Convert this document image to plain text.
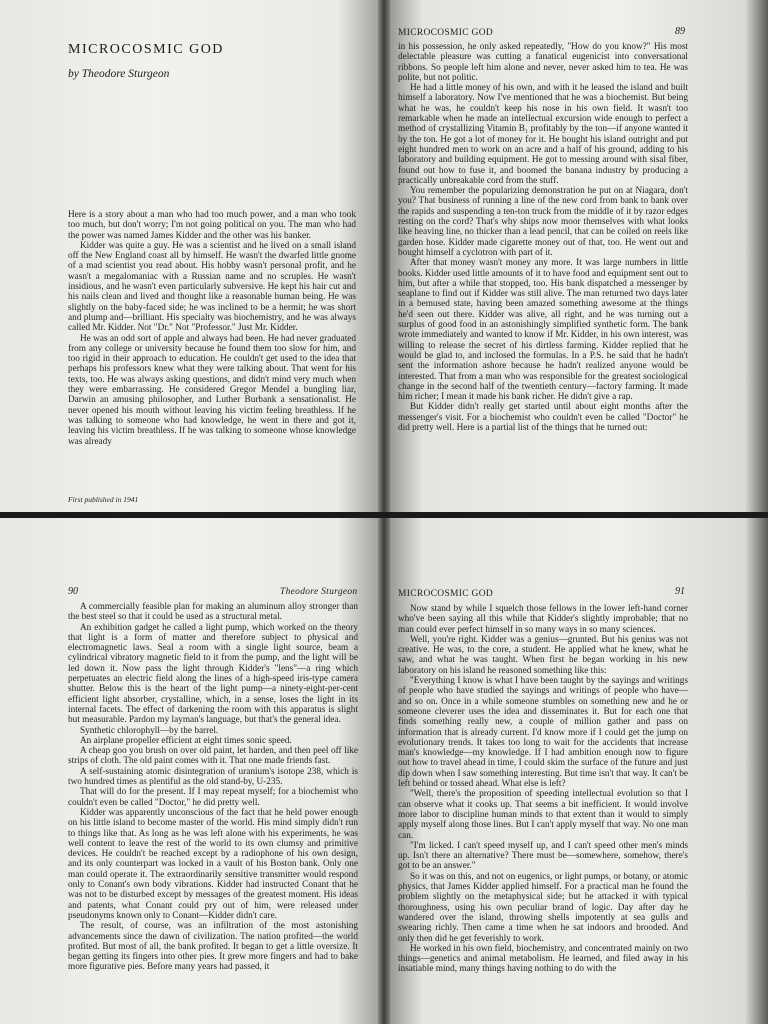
MICROCOSMIC GOD
by Theodore Sturgeon

Here is a story about a man who had too much power, and a man who took too much, but don't worry; I'm not going political on you. The man who had the power was named James Kidder and the other was his banker.

Kidder was quite a guy. He was a scientist and he lived on a small island off the New England coast all by himself. He wasn't the dwarfed little gnome of a mad scientist you read about. His hobby wasn't personal profit, and he wasn't a megalomaniac with a Russian name and no scruples. He wasn't insidious, and he wasn't even particularly subversive. He kept his hair cut and his nails clean and lived and thought like a reasonable human being. He was slightly on the baby-faced side; he was inclined to be a hermit; he was short and plump and—brilliant. His specialty was biochemistry, and he was always called Mr. Kidder. Not "Dr." Not "Professor." Just Mr. Kidder.

He was an odd sort of apple and always had been. He had never graduated from any college or university because he found them too slow for him, and too rigid in their approach to education. He couldn't get used to the idea that perhaps his professors knew what they were talking about. That went for his texts, too. He was always asking questions, and didn't mind very much when they were embarrassing. He considered Gregor Mendel a bungling liar, Darwin an amusing philosopher, and Luther Burbank a sensationalist. He never opened his mouth without leaving his victim feeling breathless. If he was talking to someone who had knowledge, he went in there and got it, leaving his victim breathless. If he was talking to someone whose knowledge was already

First published in 1941
MICROCOSMIC GOD	89

in his possession, he only asked repeatedly, "How do you know?" His most delectable pleasure was cutting a fanatical eugenicist into conversational ribbons. So people left him alone and never, never asked him to tea. He was polite, but not politic.

He had a little money of his own, and with it he leased the island and built himself a laboratory. Now I've mentioned that he was a biochemist. But being what he was, he couldn't keep his nose in his own field. It wasn't too remarkable when he made an intellectual excursion wide enough to perfect a method of crystallizing Vitamin B₁ profitably by the ton—if anyone wanted it by the ton. He got a lot of money for it. He bought his island outright and put eight hundred men to work on an acre and a half of his ground, adding to his laboratory and building equipment. He got to messing around with sisal fiber, found out how to fuse it, and boomed the banana industry by producing a practically unbreakable cord from the stuff.

You remember the popularizing demonstration he put on at Niagara, don't you? That business of running a line of the new cord from bank to bank over the rapids and suspending a ten-ton truck from the middle of it by razor edges resting on the cord? That's why ships now moor themselves with what looks like heaving line, no thicker than a lead pencil, that can be coiled on reels like garden hose. Kidder made cigarette money out of that, too. He went out and bought himself a cyclotron with part of it.

After that money wasn't money any more. It was large numbers in little books. Kidder used little amounts of it to have food and equipment sent out to him, but after a while that stopped, too. His bank dispatched a messenger by seaplane to find out if Kidder was still alive. The man returned two days later in a bemused state, having been amazed something awesome at the things he'd seen out there. Kidder was alive, all right, and he was turning out a surplus of good food in an astonishingly simplified synthetic form. The bank wrote immediately and wanted to know if Mr. Kidder, in his own interest, was willing to release the secret of his dirtless farming. Kidder replied that he would be glad to, and inclosed the formulas. In a P.S. he said that he hadn't sent the information ashore because he hadn't realized anyone would be interested. That from a man who was responsible for the greatest sociological change in the second half of the twentieth century—factory farming. It made him richer; I mean it made his bank richer. He didn't give a rap.

But Kidder didn't really get started until about eight months after the messenger's visit. For a biochemist who couldn't even be called "Doctor" he did pretty well. Here is a partial list of the things that he turned out:

90	Theodore Sturgeon

A commercially feasible plan for making an aluminum alloy stronger than the best steel so that it could be used as a structural metal.

An exhibition gadget he called a light pump, which worked on the theory that light is a form of matter and therefore subject to physical and electromagnetic laws. Seal a room with a single light source, beam a cylindrical vibratory magnetic field to it from the pump, and the light will be led down it. Now pass the light through Kidder's "lens"—a ring which perpetuates an electric field along the lines of a high-speed iris-type camera shutter. Below this is the heart of the light pump—a ninety-eight-per-cent efficient light absorber, crystalline, which, in a sense, loses the light in its internal facets. The effect of darkening the room with this apparatus is slight but measurable. Pardon my layman's language, but that's the general idea.

Synthetic chlorophyll—by the barrel.

An airplane propeller efficient at eight times sonic speed.

A cheap goo you brush on over old paint, let harden, and then peel off like strips of cloth. The old paint comes with it. That one made friends fast.

A self-sustaining atomic disintegration of uranium's isotope 238, which is two hundred times as plentiful as the old stand-by, U-235.

That will do for the present. If I may repeat myself; for a biochemist who couldn't even be called "Doctor," he did pretty well.

Kidder was apparently unconscious of the fact that he held power enough on his little island to become master of the world. His mind simply didn't run to things like that. As long as he was left alone with his experiments, he was well content to leave the rest of the world to its own clumsy and primitive devices. He couldn't be reached except by a radiophone of his own design, and its only counterpart was locked in a vault of his Boston bank. Only one man could operate it. The extraordinarily sensitive transmitter would respond only to Conant's own body vibrations. Kidder had instructed Conant that he was not to be disturbed except by messages of the greatest moment. His ideas and patents, what Conant could pry out of him, were released under pseudonyms known only to Conant—Kidder didn't care.

The result, of course, was an infiltration of the most astonishing advancements since the dawn of civilization. The nation profited—the world profited. But most of all, the bank profited. It began to get a little oversize. It began getting its fingers into other pies. It grew more fingers and had to bake more figurative pies. Before many years had passed, it

MICROCOSMIC GOD	91

Now stand by while I squelch those fellows in the lower left-hand corner who've been saying all this while that Kidder's slightly improbable; that no man could ever perfect himself in so many ways in so many sciences.

Well, you're right. Kidder was a genius—grunted. But his genius was not creative. He was, to the core, a student. He applied what he knew, what he saw, and what he was taught. When first he began working in his new laboratory on his island he reasoned something like this:

"Everything I know is what I have been taught by the sayings and writings of people who have studied the sayings and writings of people who have—and so on. Once in a while someone stumbles on something new and he or someone cleverer uses the idea and disseminates it. But for each one that finds something really new, a couple of million gather and pass on information that is already current. I'd know more if I could get the jump on evolutionary trends. It takes too long to wait for the accidents that increase man's knowledge—my knowledge. If I had ambition enough now to figure out how to travel ahead in time, I could skim the surface of the future and just dip down when I saw something interesting. But time isn't that way. It can't be left behind or tossed ahead. What else is left?

"Well, there's the proposition of speeding intellectual evolution so that I can observe what it cooks up. That seems a bit inefficient. It would involve more labor to discipline human minds to that extent than it would to simply apply myself along those lines. But I can't apply myself that way. No one man can.

"I'm licked. I can't speed myself up, and I can't speed other men's minds up. Isn't there an alternative? There must be—somewhere, somehow, there's got to be an answer."

So it was on this, and not on eugenics, or light pumps, or botany, or atomic physics, that James Kidder applied himself. For a practical man he found the problem slightly on the metaphysical side; but he attacked it with typical thoroughness, using his own peculiar brand of logic. Day after day he wandered over the island, throwing shells impotently at sea gulls and swearing richly. Then came a time when he sat indoors and brooded. And only then did he get feverishly to work.

He worked in his own field, biochemistry, and concentrated mainly on two things—genetics and animal metabolism. He learned, and filed away in his insatiable mind, many things having nothing to do with the
